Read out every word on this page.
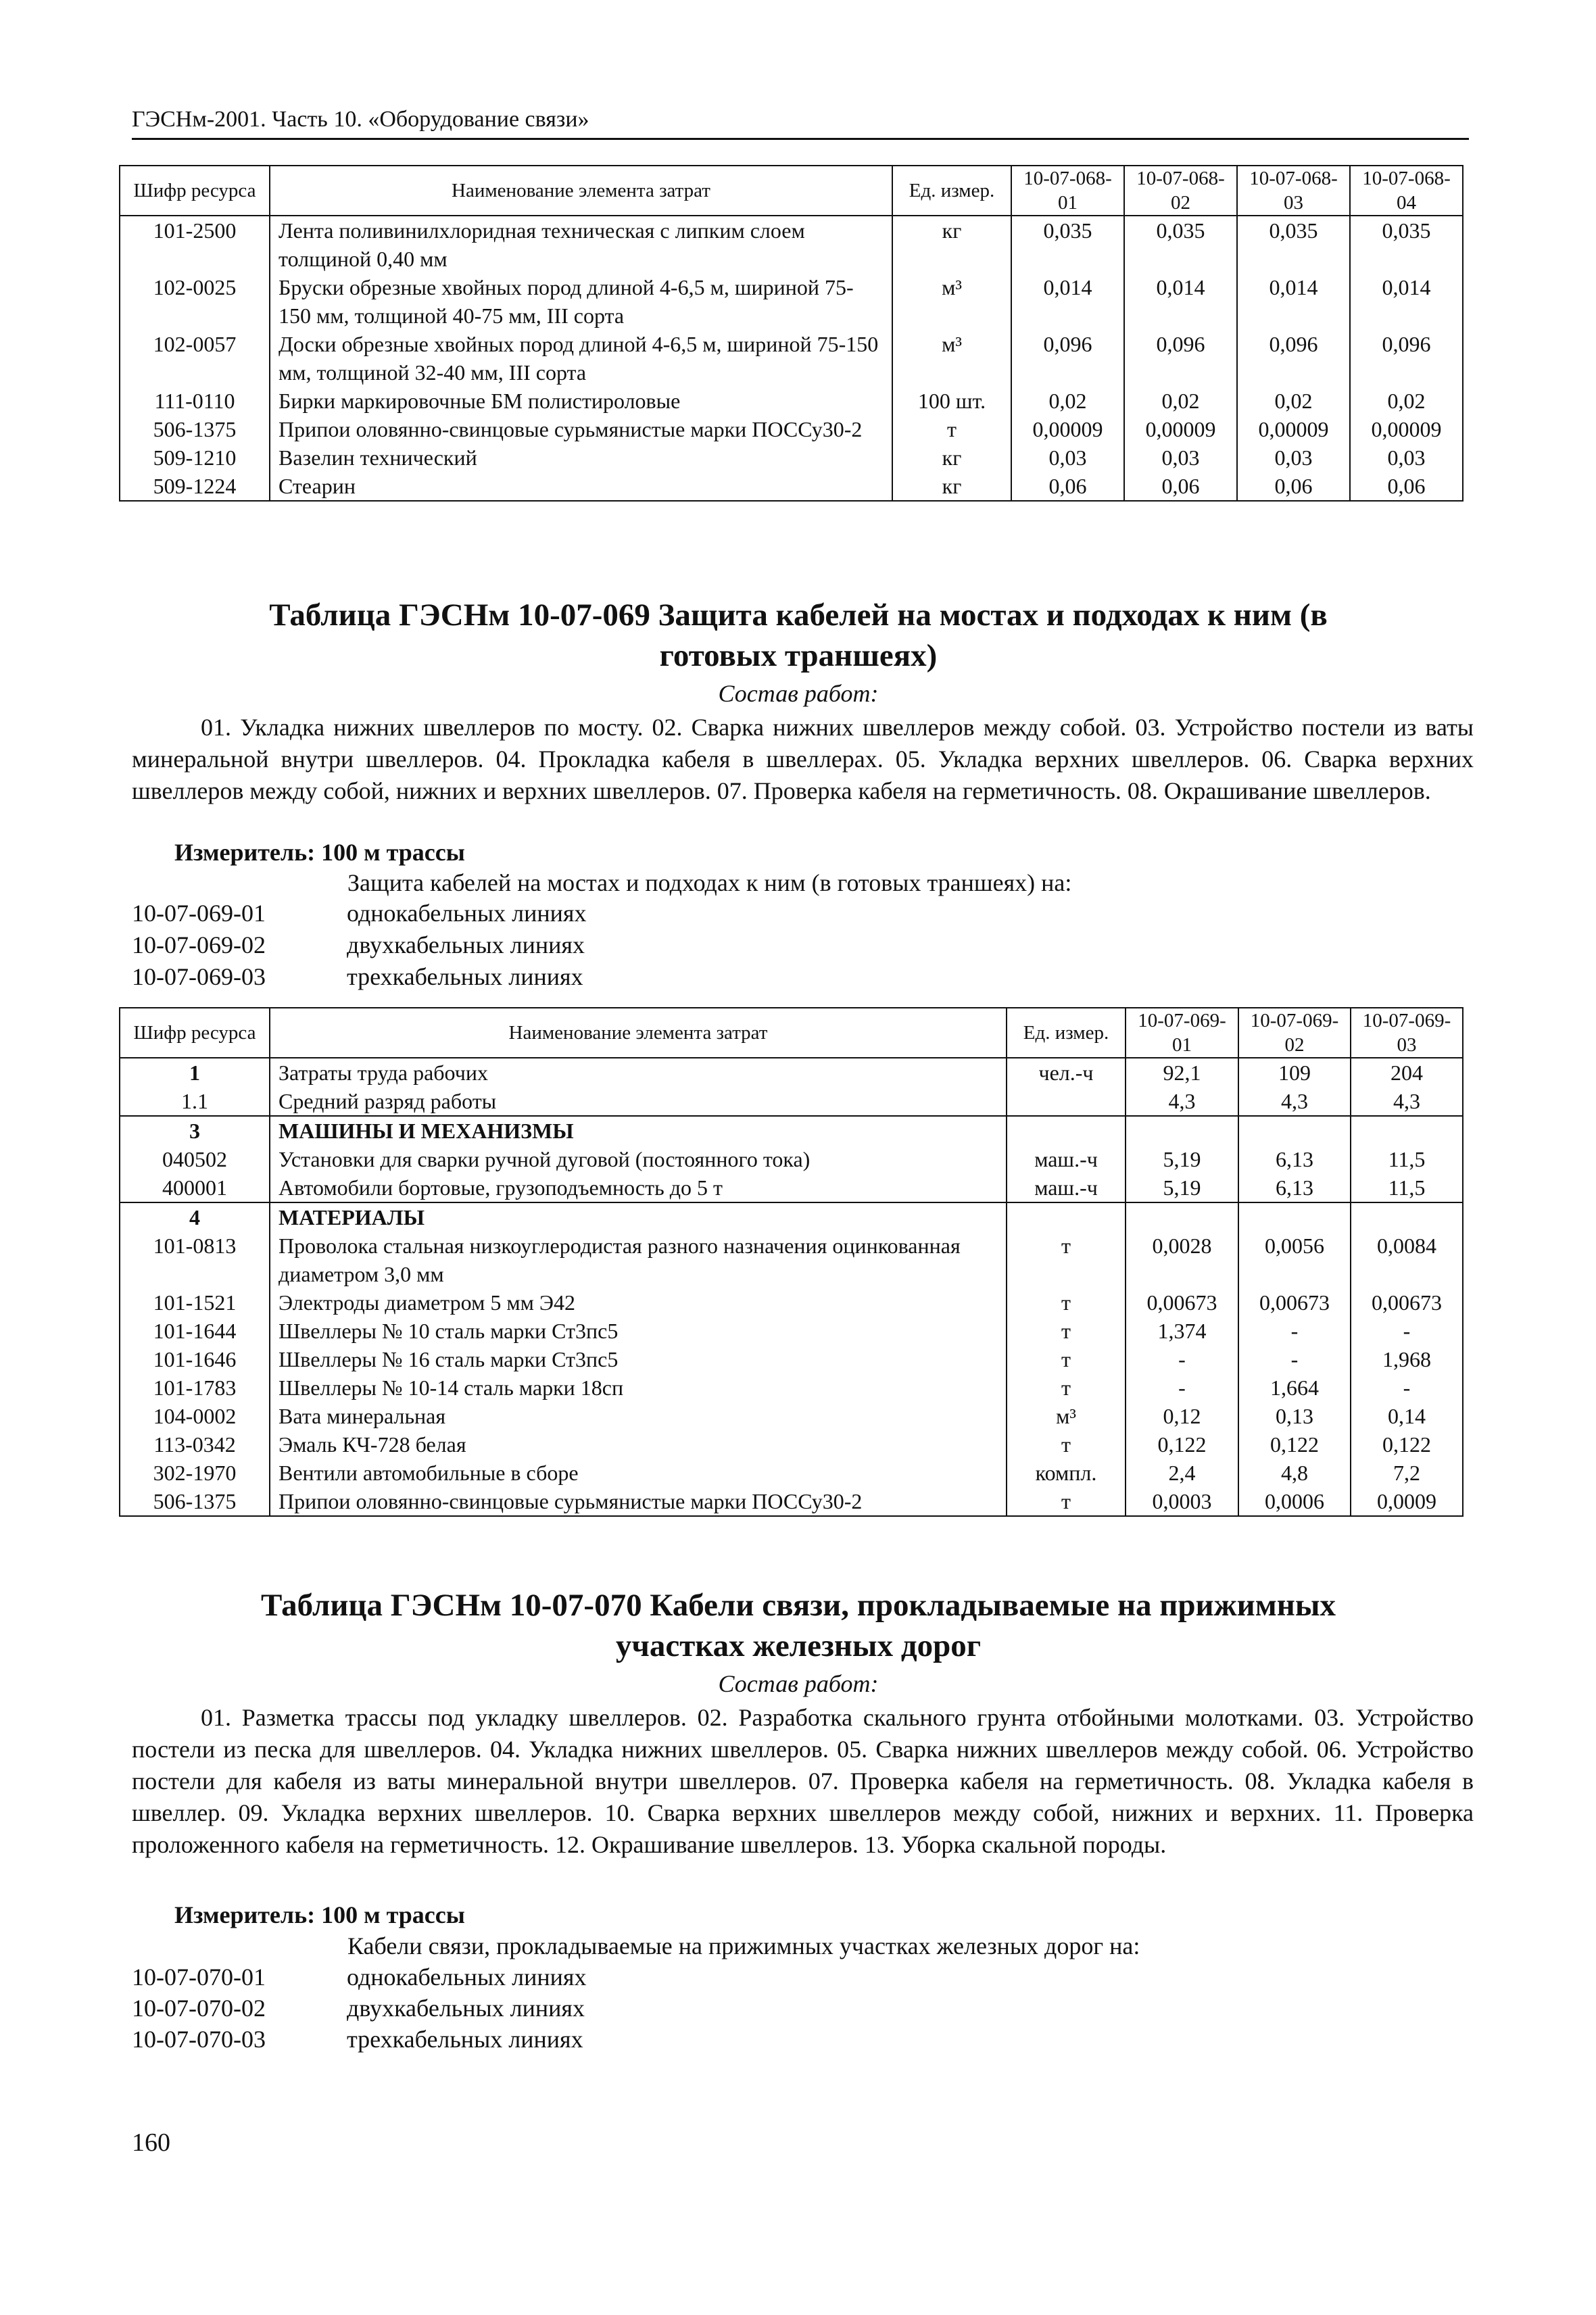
ГЭСНм-2001. Часть 10. «Оборудование связи»
Шифр ресурса	Наименование элемента затрат	Ед. измер.	10-07-068-01	10-07-068-02	10-07-068-03	10-07-068-04
101-2500	Лента поливинилхлоридная техническая с липким слоем толщиной 0,40 мм	кг	0,035	0,035	0,035	0,035
102-0025	Бруски обрезные хвойных пород длиной 4-6,5 м, шириной 75-150 мм, толщиной 40-75 мм, III сорта	м³	0,014	0,014	0,014	0,014
102-0057	Доски обрезные хвойных пород длиной 4-6,5 м, шириной 75-150 мм, толщиной 32-40 мм, III сорта	м³	0,096	0,096	0,096	0,096
111-0110	Бирки маркировочные БМ полистироловые	100 шт.	0,02	0,02	0,02	0,02
506-1375	Припои оловянно-свинцовые сурьмянистые марки ПОССу30-2	т	0,00009	0,00009	0,00009	0,00009
509-1210	Вазелин технический	кг	0,03	0,03	0,03	0,03
509-1224	Стеарин	кг	0,06	0,06	0,06	0,06
Таблица ГЭСНм 10-07-069 Защита кабелей на мостах и подходах к ним (в готовых траншеях)
Состав работ:
01. Укладка нижних швеллеров по мосту. 02. Сварка нижних швеллеров между собой. 03. Устройство постели из ваты минеральной внутри швеллеров. 04. Прокладка кабеля в швеллерах. 05. Укладка верхних швеллеров. 06. Сварка верхних швеллеров между собой, нижних и верхних швеллеров. 07. Проверка кабеля на герметичность. 08. Окрашивание швеллеров.
Измеритель: 100 м трассы
Защита кабелей на мостах и подходах к ним (в готовых траншеях) на:
10-07-069-01	однокабельных линиях
10-07-069-02	двухкабельных линиях
10-07-069-03	трехкабельных линиях
Шифр ресурса	Наименование элемента затрат	Ед. измер.	10-07-069-01	10-07-069-02	10-07-069-03
1	Затраты труда рабочих	чел.-ч	92,1	109	204
1.1	Средний разряд работы		4,3	4,3	4,3
3	МАШИНЫ И МЕХАНИЗМЫ				
040502	Установки для сварки ручной дуговой (постоянного тока)	маш.-ч	5,19	6,13	11,5
400001	Автомобили бортовые, грузоподъемность до 5 т	маш.-ч	5,19	6,13	11,5
4	МАТЕРИАЛЫ				
101-0813	Проволока стальная низкоуглеродистая разного назначения оцинкованная диаметром 3,0 мм	т	0,0028	0,0056	0,0084
101-1521	Электроды диаметром 5 мм Э42	т	0,00673	0,00673	0,00673
101-1644	Швеллеры № 10 сталь марки Ст3пс5	т	1,374	-	-
101-1646	Швеллеры № 16 сталь марки Ст3пс5	т	-	-	1,968
101-1783	Швеллеры № 10-14 сталь марки 18сп	т	-	1,664	-
104-0002	Вата минеральная	м³	0,12	0,13	0,14
113-0342	Эмаль КЧ-728 белая	т	0,122	0,122	0,122
302-1970	Вентили автомобильные в сборе	компл.	2,4	4,8	7,2
506-1375	Припои оловянно-свинцовые сурьмянистые марки ПОССу30-2	т	0,0003	0,0006	0,0009
Таблица ГЭСНм 10-07-070 Кабели связи, прокладываемые на прижимных участках железных дорог
Состав работ:
01. Разметка трассы под укладку швеллеров. 02. Разработка скального грунта отбойными молотками. 03. Устройство постели из песка для швеллеров. 04. Укладка нижних швеллеров. 05. Сварка нижних швеллеров между собой. 06. Устройство постели для кабеля из ваты минеральной внутри швеллеров. 07. Проверка кабеля на герметичность. 08. Укладка кабеля в швеллер. 09. Укладка верхних швеллеров. 10. Сварка верхних швеллеров между собой, нижних и верхних. 11. Проверка проложенного кабеля на герметичность. 12. Окрашивание швеллеров. 13. Уборка скальной породы.
Измеритель: 100 м трассы
Кабели связи, прокладываемые на прижимных участках железных дорог на:
10-07-070-01	однокабельных линиях
10-07-070-02	двухкабельных линиях
10-07-070-03	трехкабельных линиях
160
